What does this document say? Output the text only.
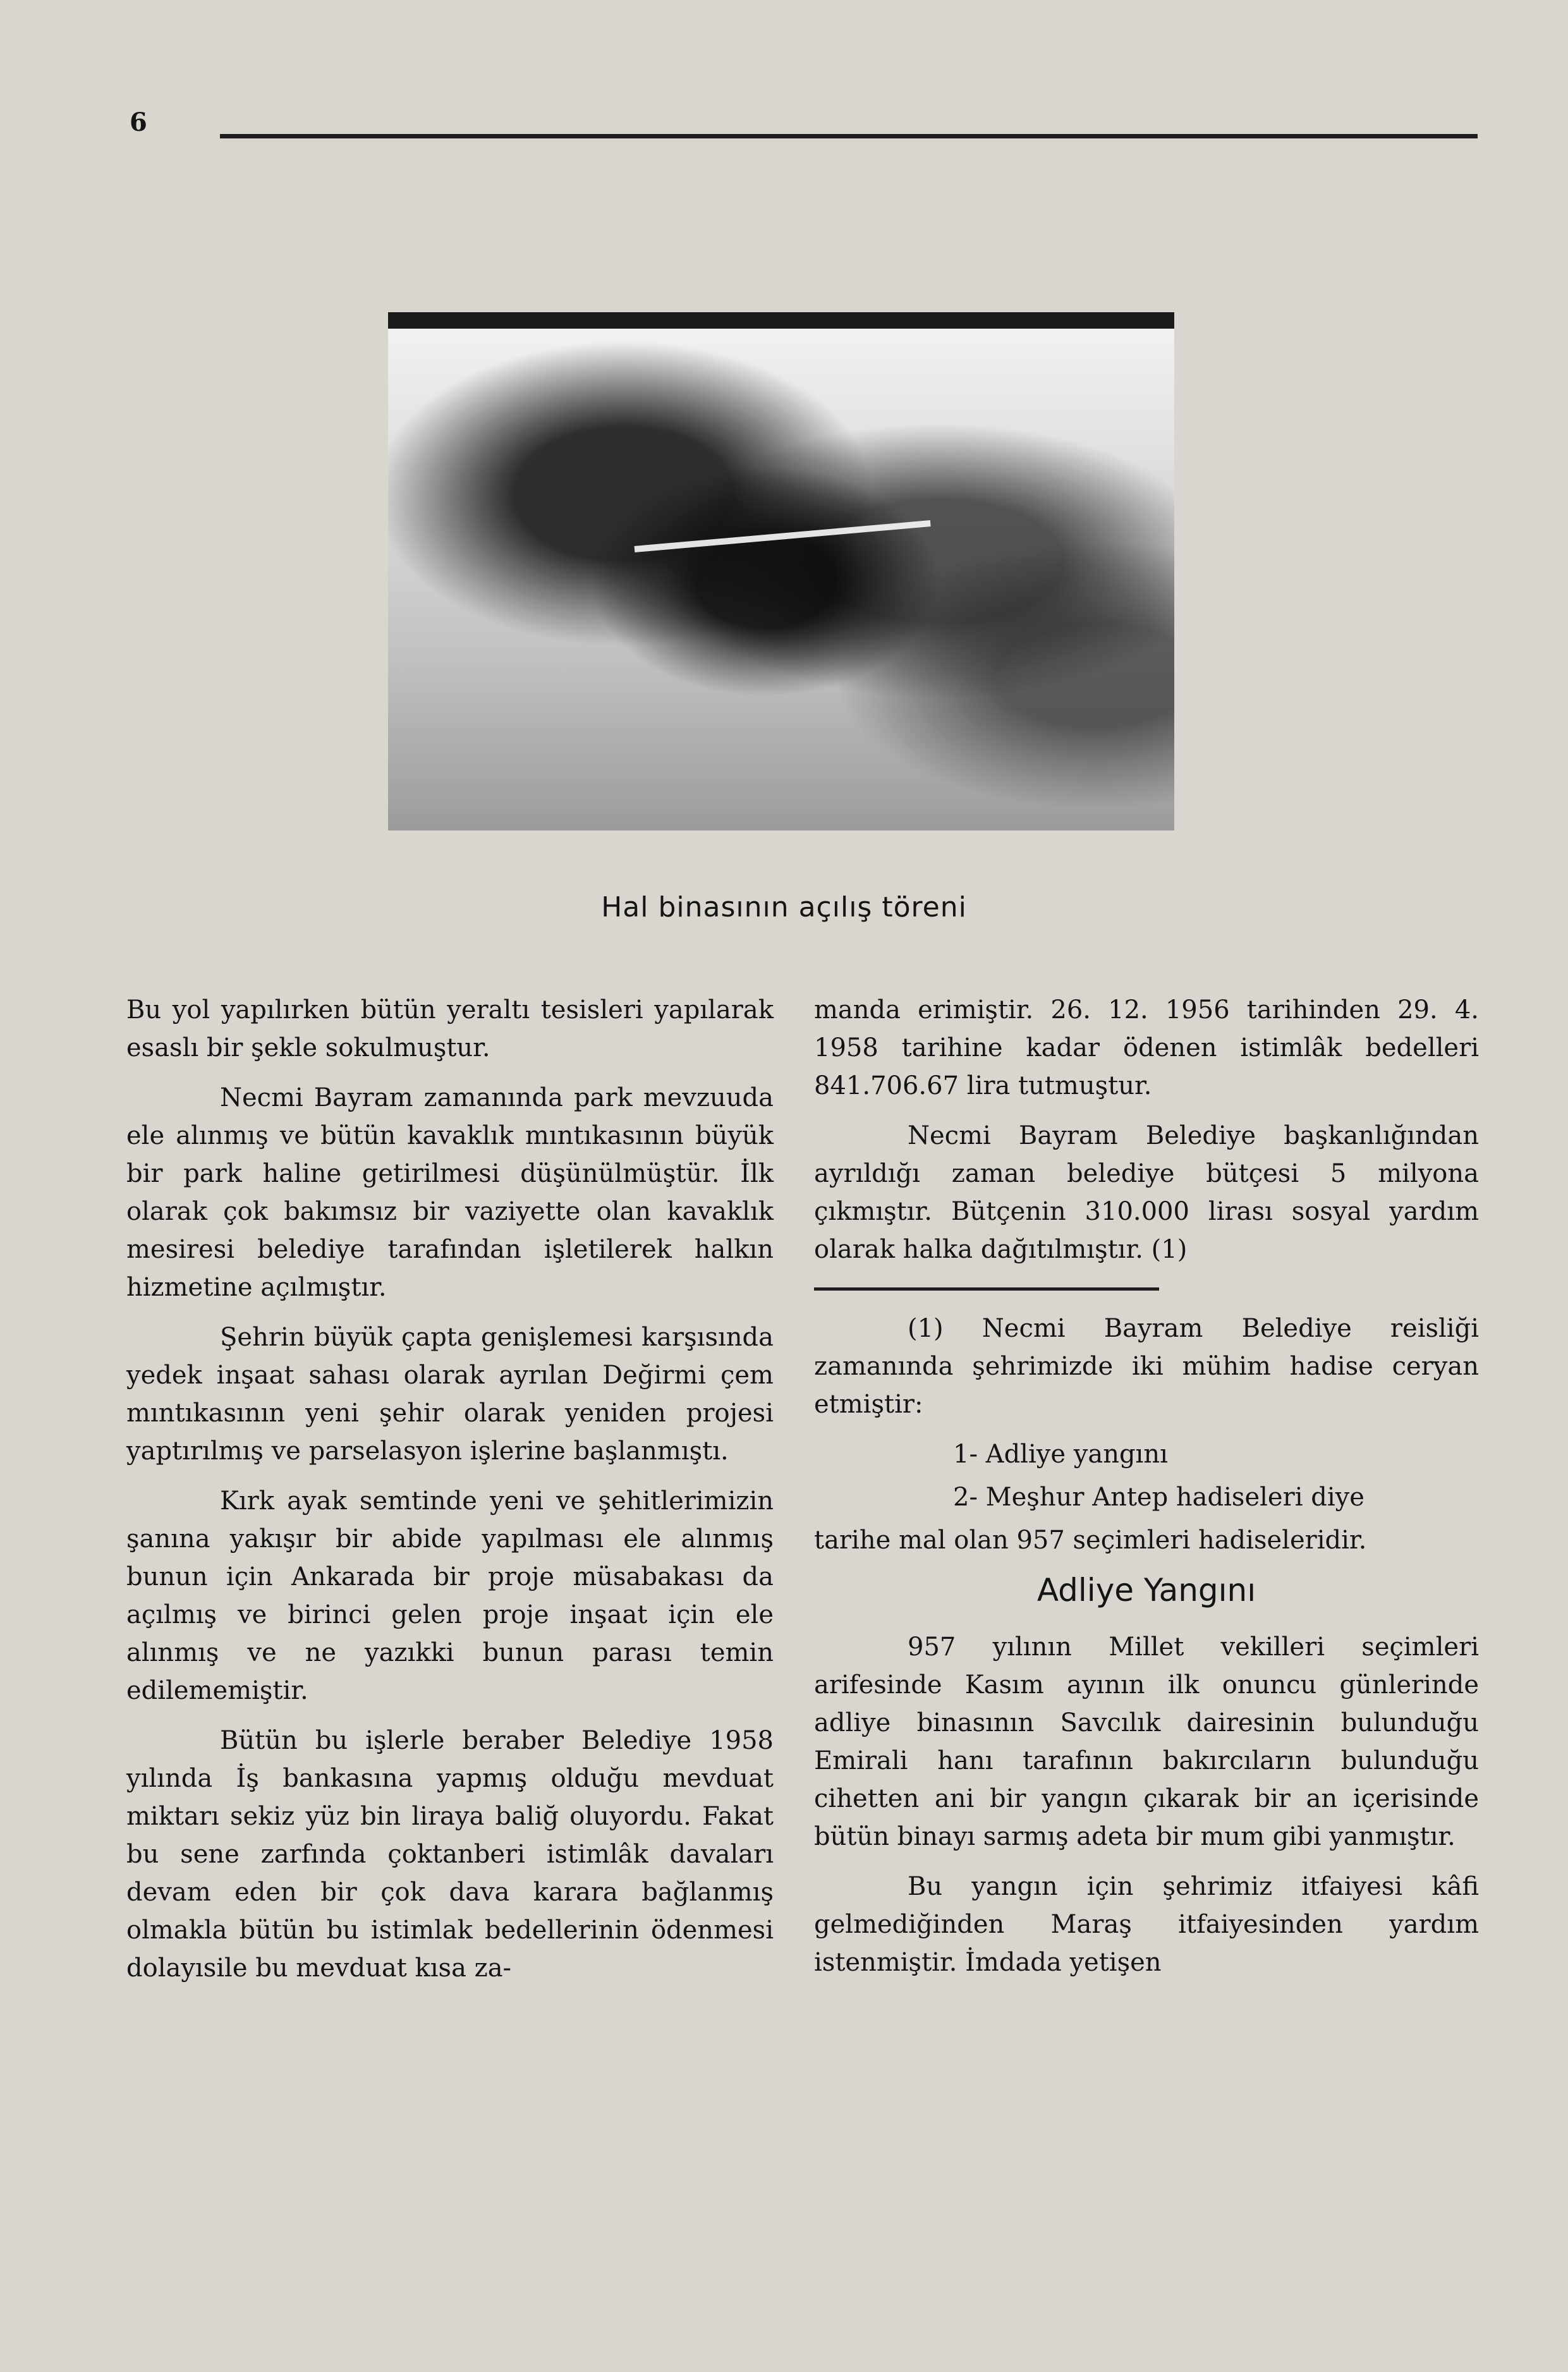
6
Hal binasının açılış töreni

Bu yol yapılırken bütün yeraltı tesisleri yapılarak esaslı bir şekle sokulmuştur.

Necmi Bayram zamanında park mevzuuda ele alınmış ve bütün kavaklık mıntıkasının büyük bir park haline getirilmesi düşünülmüştür. İlk olarak çok bakımsız bir vaziyette olan kavaklık mesiresi belediye tarafından işletilerek halkın hizmetine açılmıştır.

Şehrin büyük çapta genişlemesi karşısında yedek inşaat sahası olarak ayrılan Değirmi çem mıntıkasının yeni şehir olarak yeniden projesi yaptırılmış ve parselasyon işlerine başlanmıştı.

Kırk ayak semtinde yeni ve şehitlerimizin şanına yakışır bir abide yapılması ele alınmış bunun için Ankarada bir proje müsabakası da açılmış ve birinci gelen proje inşaat için ele alınmış ve ne yazıkki bunun parası temin edilememiştir.

Bütün bu işlerle beraber Belediye 1958 yılında İş bankasına yapmış olduğu mevduat miktarı sekiz yüz bin liraya baliğ oluyordu. Fakat bu sene zarfında çoktanberi istimlâk davaları devam eden bir çok dava karara bağlanmış olmakla bütün bu istimlak bedellerinin ödenmesi dolayısile bu mevduat kısa za-

manda erimiştir. 26. 12. 1956 tarihinden 29. 4. 1958 tarihine kadar ödenen istimlâk bedelleri 841.706.67 lira tutmuştur.

Necmi Bayram Belediye başkanlığından ayrıldığı zaman belediye bütçesi 5 milyona çıkmıştır. Bütçenin 310.000 lirası sosyal yardım olarak halka dağıtılmıştır. (1)

(1) Necmi Bayram Belediye reisliği zamanında şehrimizde iki mühim hadise ceryan etmiştir:

1- Adliye yangını

2- Meşhur Antep hadiseleri diye

tarihe mal olan 957 seçimleri hadiseleridir.

Adliye Yangını

957 yılının Millet vekilleri seçimleri arifesinde Kasım ayının ilk onuncu günlerinde adliye binasının Savcılık dairesinin bulunduğu Emirali hanı tarafının bakırcıların bulunduğu cihetten ani bir yangın çıkarak bir an içerisinde bütün binayı sarmış adeta bir mum gibi yanmıştır.

Bu yangın için şehrimiz itfaiyesi kâfi gelmediğinden Maraş itfaiyesinden yardım istenmiştir. İmdada yetişen
